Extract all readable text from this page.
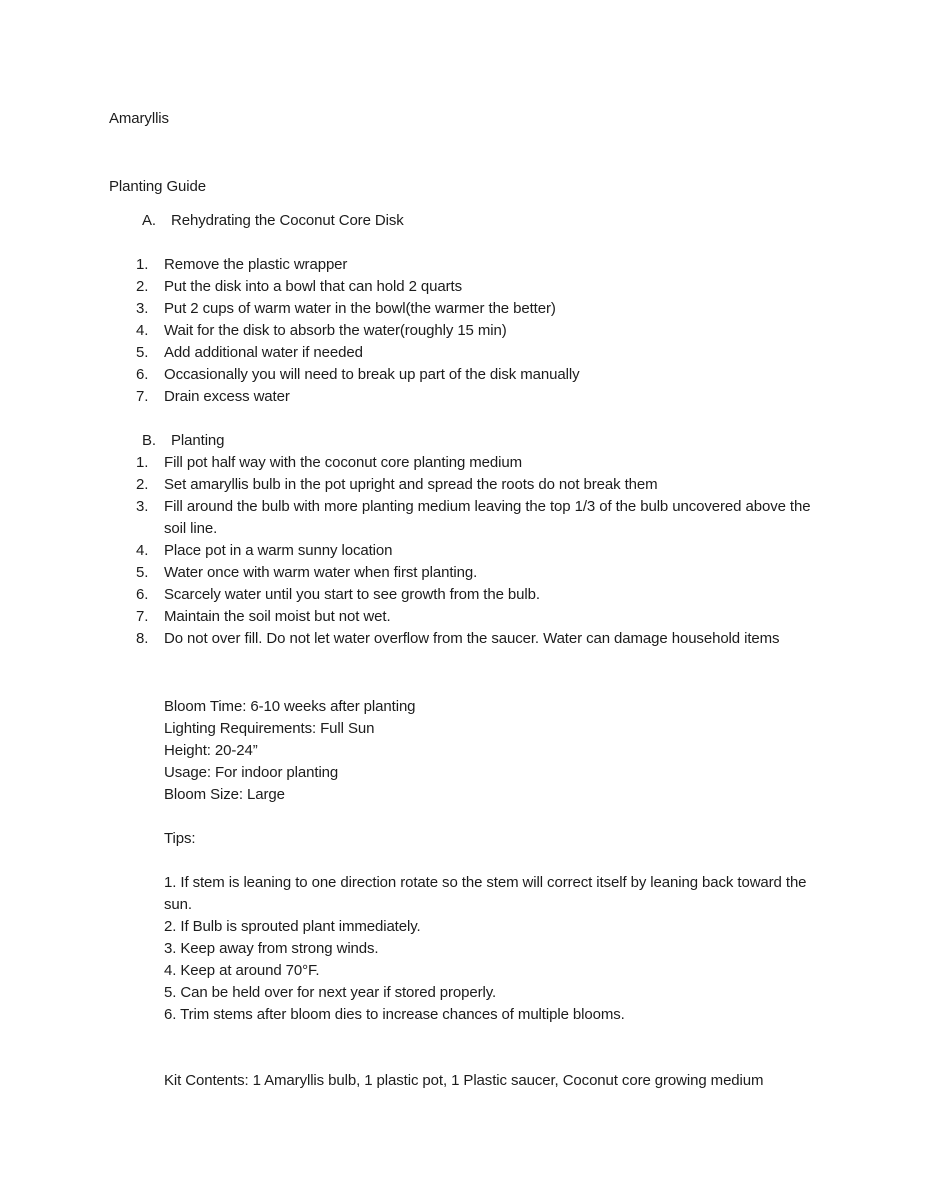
Amaryllis
Planting Guide
A. Rehydrating the Coconut Core Disk
1.	Remove the plastic wrapper
2.	Put the disk into a bowl that can hold 2 quarts
3.	Put 2 cups of warm water in the bowl(the warmer the better)
4.	Wait for the disk to absorb the water(roughly 15 min)
5.	Add additional water if needed
6.	Occasionally you will need to break up part of the disk manually
7.	Drain excess water
B. Planting
1.	Fill pot half way with the coconut core planting medium
2.	Set amaryllis bulb in the pot upright and spread the roots do not break them
3.	Fill around the bulb with more planting medium leaving the top 1/3 of the bulb uncovered above the soil line.
4.	Place pot in a warm sunny location
5.	Water once with warm water when first planting.
6.	Scarcely water until you start to see growth from the bulb.
7.	Maintain the soil moist but not wet.
8.	Do not over fill. Do not let water overflow from the saucer. Water can damage household items
Bloom Time: 6-10 weeks after planting
Lighting Requirements: Full Sun
Height: 20-24”
Usage: For indoor planting
Bloom Size: Large
Tips:
1. If stem is leaning to one direction rotate so the stem will correct itself by leaning back toward the sun.
2. If Bulb is sprouted plant immediately.
3. Keep away from strong winds.
4. Keep at around 70°F.
5. Can be held over for next year if stored properly.
6. Trim stems after bloom dies to increase chances of multiple blooms.
Kit Contents: 1 Amaryllis bulb, 1 plastic pot, 1 Plastic saucer, Coconut core growing medium
